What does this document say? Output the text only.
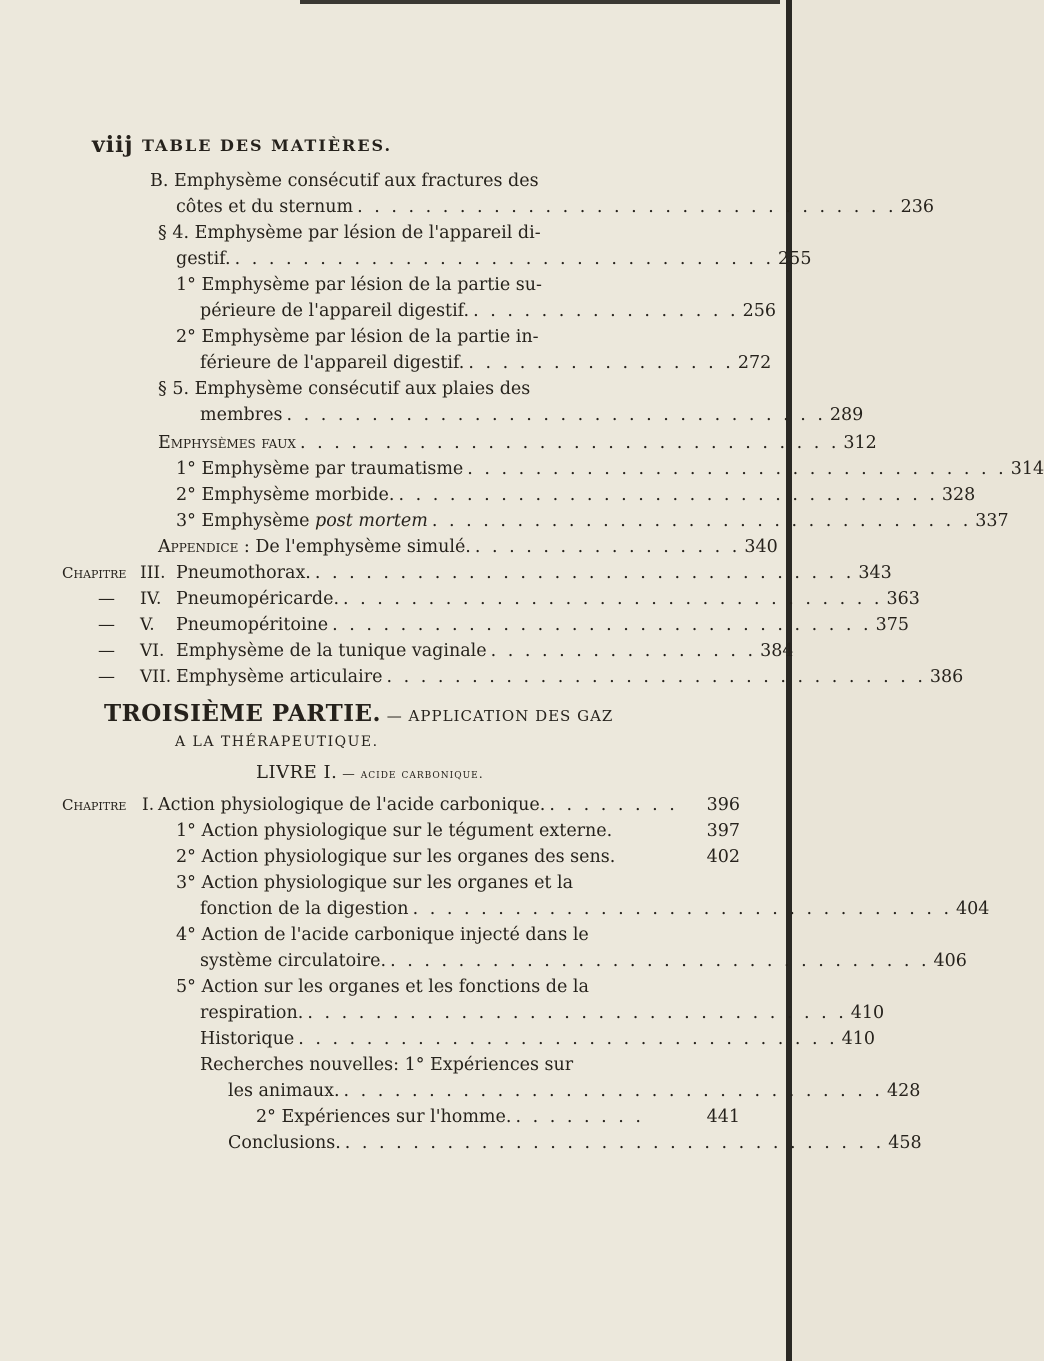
viij TABLE DES MATIÈRES.
B. Emphysème consécutif aux fractures des
côtes et du sternum . . . . . . . . . . . . . . . . . . . . . . . . . . . . . . . . 236
§ 4. Emphysème par lésion de l'appareil di-
gestif. . . . . . . . . . . . . . . . . . . . . . . . . . . . . . . . . 255
1° Emphysème par lésion de la partie su-
périeure de l'appareil digestif. . . . . . . . . . . . . . . . . 256
2° Emphysème par lésion de la partie in-
férieure de l'appareil digestif. . . . . . . . . . . . . . . . . 272
§ 5. Emphysème consécutif aux plaies des
membres . . . . . . . . . . . . . . . . . . . . . . . . . . . . . . . . 289
Emphysèmes faux . . . . . . . . . . . . . . . . . . . . . . . . . . . . . . . . 312
1° Emphysème par traumatisme . . . . . . . . . . . . . . . . . . . . . . . . . . . . . . . . 314
2° Emphysème morbide. . . . . . . . . . . . . . . . . . . . . . . . . . . . . . . . . 328
3° Emphysème post mortem . . . . . . . . . . . . . . . . . . . . . . . . . . . . . . . . 337
Appendice : De l'emphysème simulé. . . . . . . . . . . . . . . . . 340
Chapitre III. Pneumothorax. . . . . . . . . . . . . . . . . . . . . . . . . . . . . . . . . 343
— IV. Pneumopéricarde. . . . . . . . . . . . . . . . . . . . . . . . . . . . . . . . . 363
— V. Pneumopéritoine . . . . . . . . . . . . . . . . . . . . . . . . . . . . . . . . 375
— VI. Emphysème de la tunique vaginale . . . . . . . . . . . . . . . . 384
— VII. Emphysème articulaire . . . . . . . . . . . . . . . . . . . . . . . . . . . . . . . . 386
TROISIÈME PARTIE. — APPLICATION DES GAZ
A LA THÉRAPEUTIQUE.
LIVRE I. — acide carbonique.
Chapitre I. Action physiologique de l'acide carbonique. . . . . . . . .	396
1° Action physiologique sur le tégument externe.	397
2° Action physiologique sur les organes des sens.	402
3° Action physiologique sur les organes et la
fonction de la digestion . . . . . . . . . . . . . . . . . . . . . . . . . . . . . . . . 404
4° Action de l'acide carbonique injecté dans le
système circulatoire. . . . . . . . . . . . . . . . . . . . . . . . . . . . . . . . . 406
5° Action sur les organes et les fonctions de la
respiration. . . . . . . . . . . . . . . . . . . . . . . . . . . . . . . . . 410
Historique . . . . . . . . . . . . . . . . . . . . . . . . . . . . . . . . 410
Recherches nouvelles: 1° Expériences sur
les animaux. . . . . . . . . . . . . . . . . . . . . . . . . . . . . . . . . 428
2° Expériences sur l'homme. . . . . . . . .	441
Conclusions. . . . . . . . . . . . . . . . . . . . . . . . . . . . . . . . . 458
